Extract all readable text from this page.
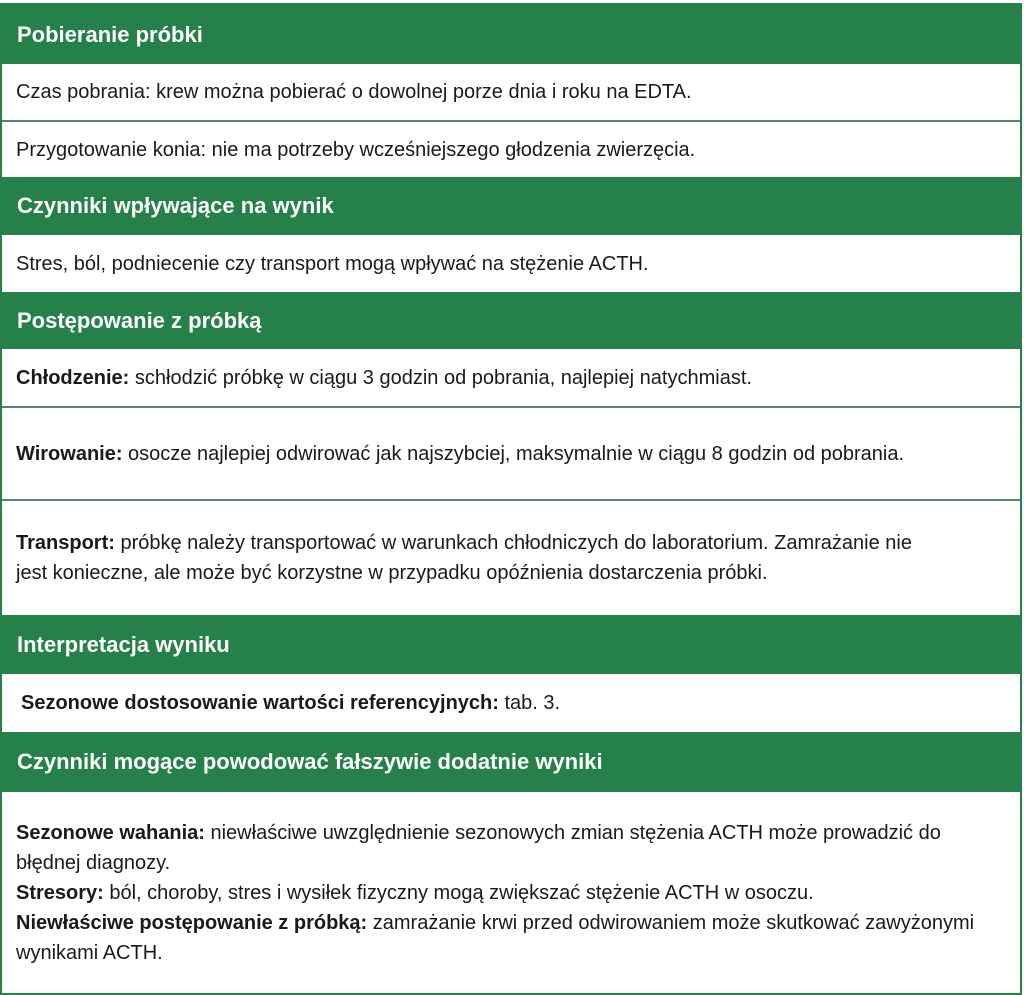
Pobieranie próbki
Czas pobrania: krew można pobierać o dowolnej porze dnia i roku na EDTA.
Przygotowanie konia: nie ma potrzeby wcześniejszego głodzenia zwierzęcia.
Czynniki wpływające na wynik
Stres, ból, podniecenie czy transport mogą wpływać na stężenie ACTH.
Postępowanie z próbką
Chłodzenie: schłodzić próbkę w ciągu 3 godzin od pobrania, najlepiej natychmiast.
Wirowanie: osocze najlepiej odwirować jak najszybciej, maksymalnie w ciągu 8 godzin od pobrania.
Transport: próbkę należy transportować w warunkach chłodniczych do laboratorium. Zamrażanie nie jest konieczne, ale może być korzystne w przypadku opóźnienia dostarczenia próbki.
Interpretacja wyniku
Sezonowe dostosowanie wartości referencyjnych: tab. 3.
Czynniki mogące powodować fałszywie dodatnie wyniki
Sezonowe wahania: niewłaściwe uwzględnienie sezonowych zmian stężenia ACTH może prowadzić do błędnej diagnozy.
Stresory: ból, choroby, stres i wysiłek fizyczny mogą zwiększać stężenie ACTH w osoczu.
Niewłaściwe postępowanie z próbką: zamrażanie krwi przed odwirowaniem może skutkować zawyżonymi wynikami ACTH.
